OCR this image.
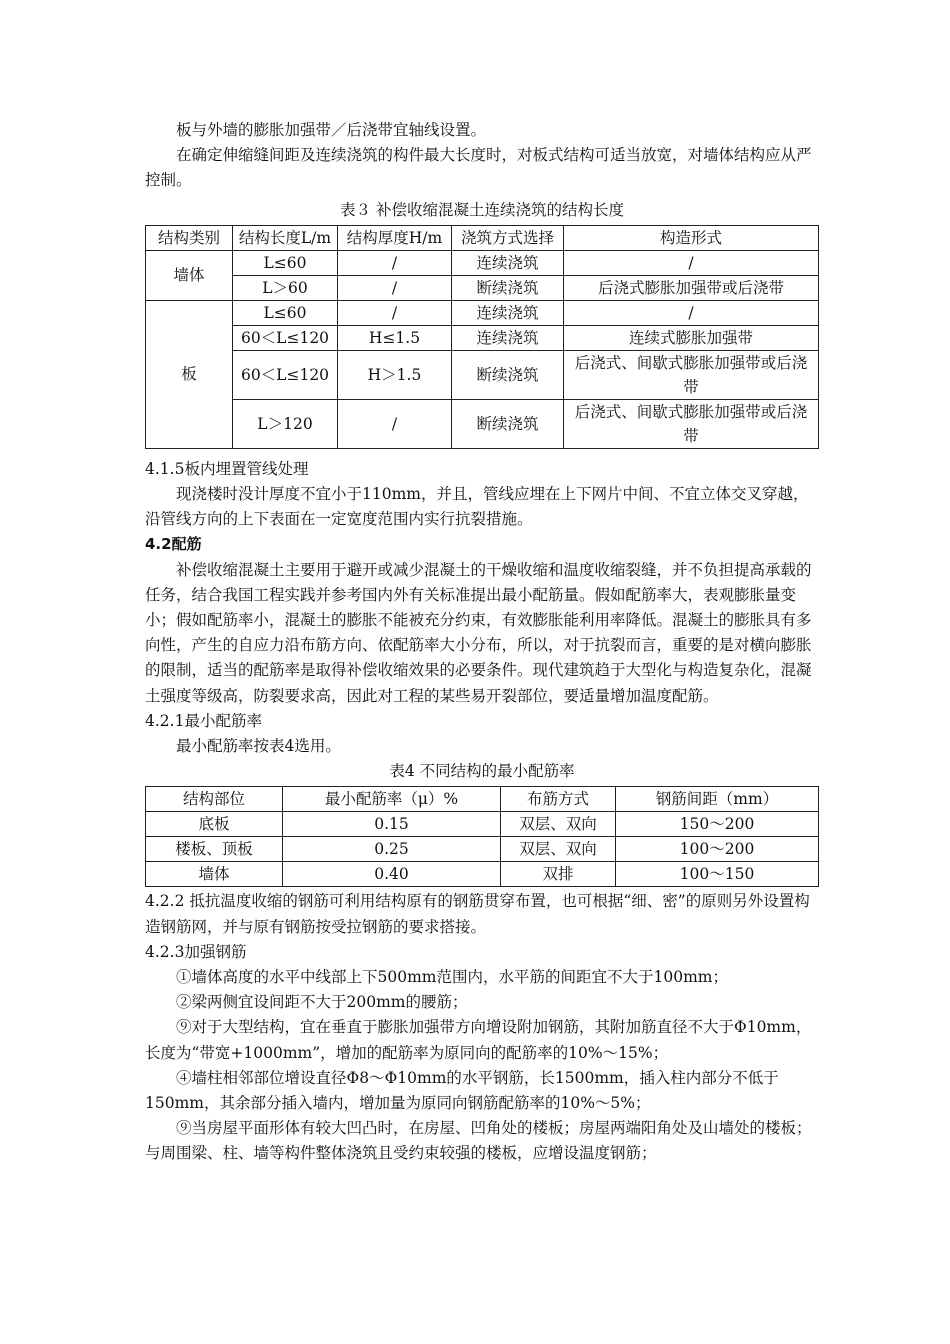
板与外墙的膨胀加强带／后浇带宜轴线设置。

在确定伸缩缝间距及连续浇筑的构件最大长度时，对板式结构可适当放宽，对墙体结构应从严控制。

表３ 补偿收缩混凝土连续浇筑的结构长度

结构类别	结构长度L/m	结构厚度H/m	浇筑方式选择	构造形式
墙体	L≤60	/	连续浇筑	/
	L＞60	/	断续浇筑	后浇式膨胀加强带或后浇带
板	L≤60	/	连续浇筑	/
	60＜L≤120	H≤1.5	连续浇筑	连续式膨胀加强带
	60＜L≤120	H＞1.5	断续浇筑	后浇式、间歇式膨胀加强带或后浇带
	L＞120	/	断续浇筑	后浇式、间歇式膨胀加强带或后浇带

4.1.5板内埋置管线处理

现浇楼时没计厚度不宜小于110mm，并且，管线应埋在上下网片中间、不宜立体交叉穿越，沿管线方向的上下表面在一定宽度范围内实行抗裂措施。

4.2配筋

补偿收缩混凝土主要用于避开或减少混凝土的干燥收缩和温度收缩裂缝，并不负担提高承载的任务，结合我国工程实践并参考国内外有关标准提出最小配筋量。假如配筋率大，表观膨胀量变小；假如配筋率小，混凝土的膨胀不能被充分约束，有效膨胀能利用率降低。混凝土的膨胀具有多向性，产生的自应力沿布筋方向、依配筋率大小分布，所以，对于抗裂而言，重要的是对横向膨胀的限制，适当的配筋率是取得补偿收缩效果的必要条件。现代建筑趋于大型化与构造复杂化，混凝土强度等级高，防裂要求高，因此对工程的某些易开裂部位，要适量增加温度配筋。

4.2.1最小配筋率

最小配筋率按表4选用。

表4 不同结构的最小配筋率

结构部位	最小配筋率（μ）%	布筋方式	钢筋间距（mm）
底板	0.15	双层、双向	150～200
楼板、顶板	0.25	双层、双向	100～200
墙体	0.40	双排	100～150

4.2.2 抵抗温度收缩的钢筋可利用结构原有的钢筋贯穿布置，也可根据“细、密”的原则另外设置构造钢筋网，并与原有钢筋按受拉钢筋的要求搭接。

4.2.3加强钢筋

①墙体高度的水平中线部上下500mm范围内，水平筋的间距宜不大于100mm；

②梁两侧宜设间距不大于200mm的腰筋；

⑨对于大型结构，宜在垂直于膨胀加强带方向增设附加钢筋，其附加筋直径不大于Φ10mm，长度为“带宽+1000mm”，增加的配筋率为原同向的配筋率的10%～15%；

④墙柱相邻部位增设直径Φ8～Φ10mm的水平钢筋，长1500mm，插入柱内部分不低于150mm，其余部分插入墙内，增加量为原同向钢筋配筋率的10%～5%；

⑨当房屋平面形体有较大凹凸时，在房屋、凹角处的楼板；房屋两端阳角处及山墙处的楼板；与周围梁、柱、墙等构件整体浇筑且受约束较强的楼板，应增设温度钢筋；
